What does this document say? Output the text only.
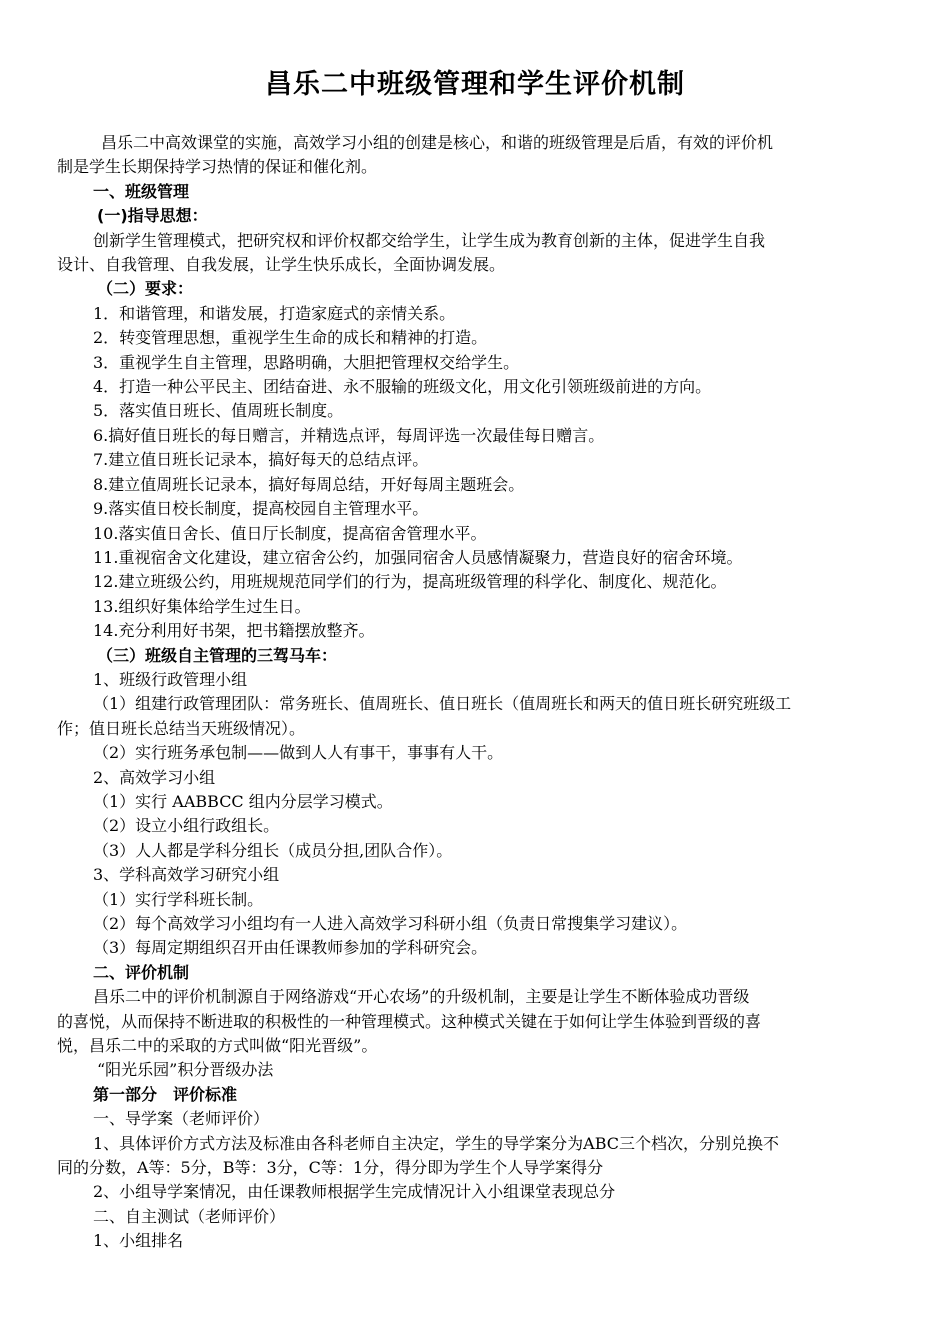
昌乐二中班级管理和学生评价机制
昌乐二中高效课堂的实施，高效学习小组的创建是核心，和谐的班级管理是后盾，有效的评价机
制是学生长期保持学习热情的保证和催化剂。
一、班级管理
(一)指导思想：
创新学生管理模式，把研究权和评价权都交给学生，让学生成为教育创新的主体，促进学生自我
设计、自我管理、自我发展，让学生快乐成长，全面协调发展。
（二）要求：
1．和谐管理，和谐发展，打造家庭式的亲情关系。
2．转变管理思想，重视学生生命的成长和精神的打造。
3．重视学生自主管理，思路明确，大胆把管理权交给学生。
4．打造一种公平民主、团结奋进、永不服输的班级文化，用文化引领班级前进的方向。
5．落实值日班长、值周班长制度。
6.搞好值日班长的每日赠言，并精选点评，每周评选一次最佳每日赠言。
7.建立值日班长记录本，搞好每天的总结点评。
8.建立值周班长记录本，搞好每周总结，开好每周主题班会。
9.落实值日校长制度，提高校园自主管理水平。
10.落实值日舍长、值日厅长制度，提高宿舍管理水平。
11.重视宿舍文化建设，建立宿舍公约，加强同宿舍人员感情凝聚力，营造良好的宿舍环境。
12.建立班级公约，用班规规范同学们的行为，提高班级管理的科学化、制度化、规范化。
13.组织好集体给学生过生日。
14.充分利用好书架，把书籍摆放整齐。
（三）班级自主管理的三驾马车：
1、班级行政管理小组
（1）组建行政管理团队：常务班长、值周班长、值日班长（值周班长和两天的值日班长研究班级工
作；值日班长总结当天班级情况）。
（2）实行班务承包制——做到人人有事干，事事有人干。
2、高效学习小组
（1）实行 AABBCC 组内分层学习模式。
（2）设立小组行政组长。
（3）人人都是学科分组长（成员分担,团队合作）。
3、学科高效学习研究小组
（1）实行学科班长制。
（2）每个高效学习小组均有一人进入高效学习科研小组（负责日常搜集学习建议）。
（3）每周定期组织召开由任课教师参加的学科研究会。
二、评价机制
昌乐二中的评价机制源自于网络游戏“开心农场”的升级机制，主要是让学生不断体验成功晋级
的喜悦，从而保持不断进取的积极性的一种管理模式。这种模式关键在于如何让学生体验到晋级的喜
悦，昌乐二中的采取的方式叫做“阳光晋级”。
“阳光乐园”积分晋级办法
第一部分　评价标准
一、导学案（老师评价）
1、具体评价方式方法及标准由各科老师自主决定，学生的导学案分为ABC三个档次，分别兑换不
同的分数，A等：5分，B等：3分，C等：1分，得分即为学生个人导学案得分
2、小组导学案情况，由任课教师根据学生完成情况计入小组课堂表现总分
二、自主测试（老师评价）
1、小组排名
